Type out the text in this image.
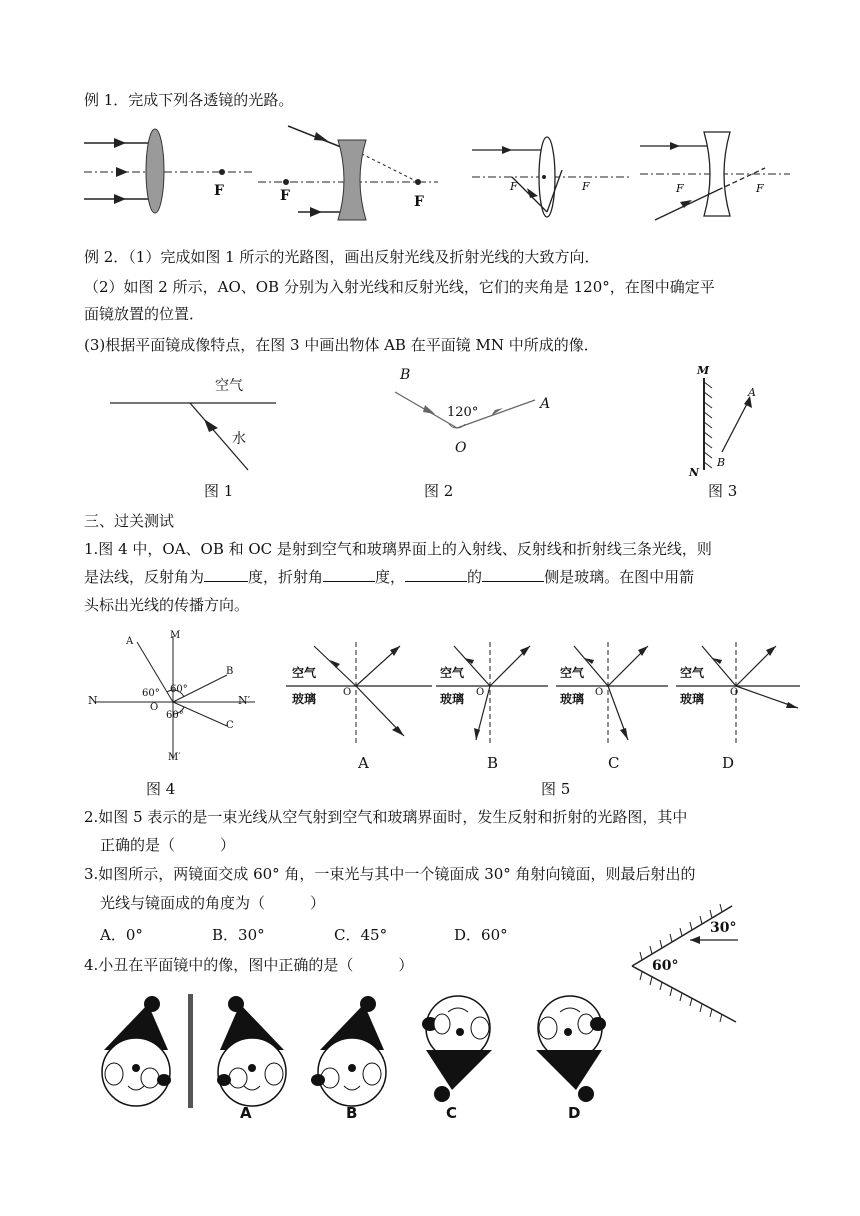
例 1．完成下列各透镜的光路。
F	F	F
F	F	F	F
例 2．（1）完成如图 1 所示的光路图，画出反射光线及折射光线的大致方向．
（2）如图 2 所示，AO、OB 分别为入射光线和反射光线，它们的夹角是 120°，在图中确定平
面镜放置的位置．
(3)根据平面镜成像特点，在图 3 中画出物体 AB 在平面镜 MN 中所成的像．
空气
水
图 1
B
A
120°
O
图 2
M
N
A
B
图 3
三、过关测试
1.图 4 中，OA、OB 和 OC 是射到空气和玻璃界面上的入射线、反射线和折射线三条光线，则
是法线，反射角为	度，折射角	度，	的	侧是玻璃。在图中用箭
头标出光线的传播方向。
A
M
B
N	N′
60° 60°
O
60°
C
M′
图 4
空气
玻璃	O
A
空气
玻璃 O
B
空气
玻璃 O
C
空气
玻璃	O
D
图 5
2.如图 5 表示的是一束光线从空气射到空气和玻璃界面时，发生反射和折射的光路图，其中
正确的是（　　　）
3.如图所示，两镜面交成 60° 角，一束光与其中一个镜面成 30° 角射向镜面，则最后射出的
光线与镜面成的角度为（　　　）
A．0°	B．30°	C．45°	D．60°	30°
60°
4.小丑在平面镜中的像，图中正确的是（　　　）
A	B	C	D
